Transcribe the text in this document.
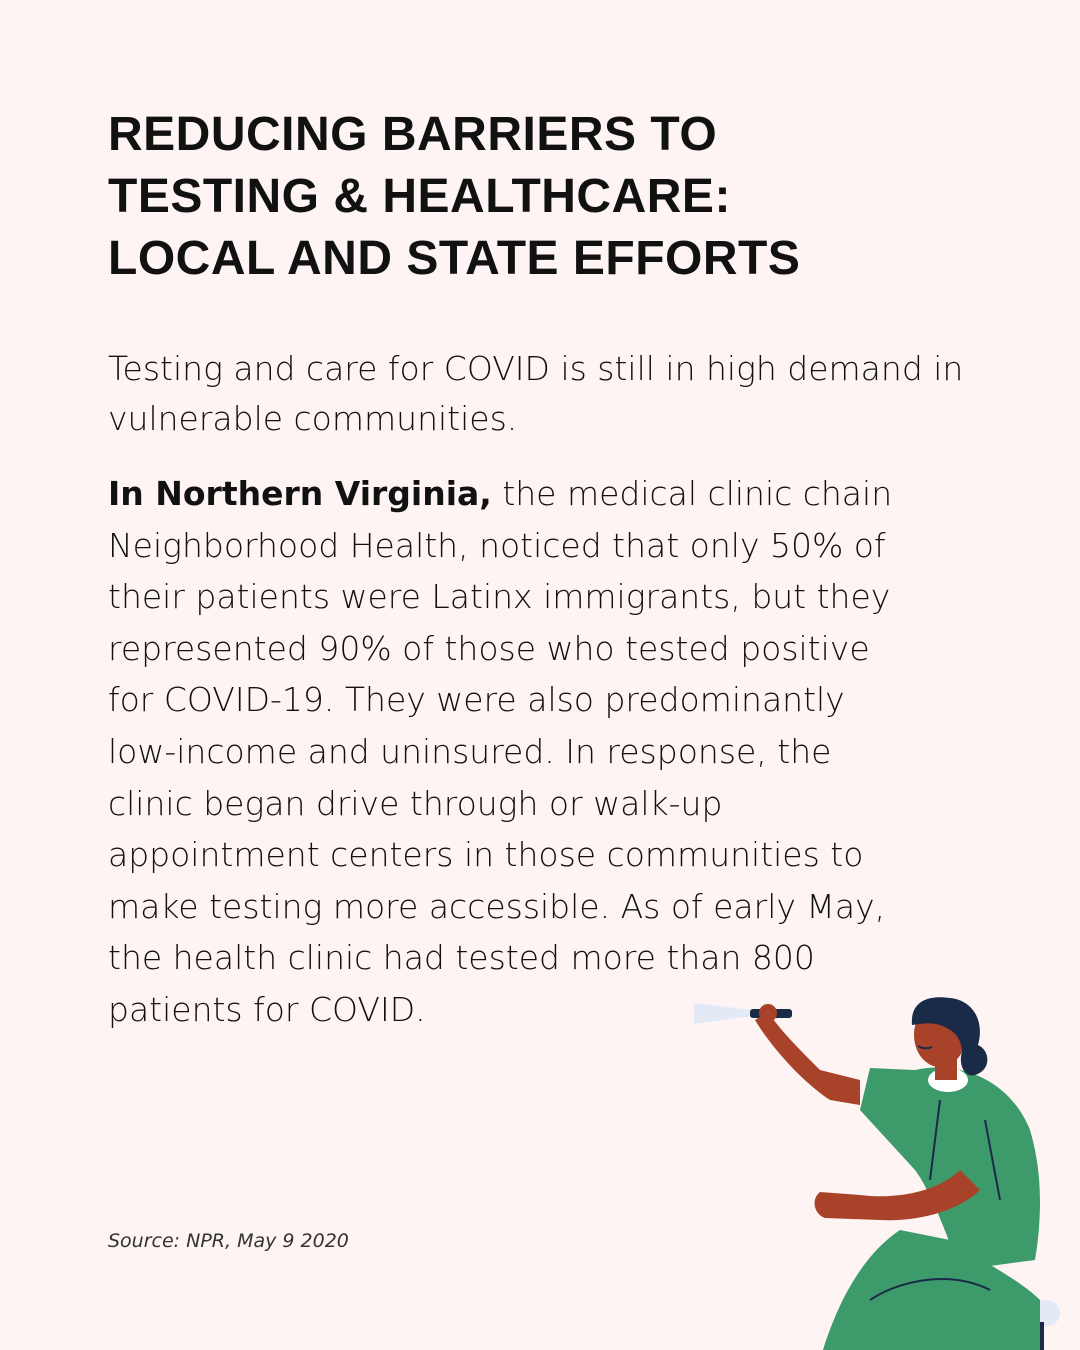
REDUCING BARRIERS TO
TESTING & HEALTHCARE:
LOCAL AND STATE EFFORTS
Testing and care for COVID is still in high demand in
vulnerable communities.
In Northern Virginia, the medical clinic chain
Neighborhood Health, noticed that only 50% of
their patients were Latinx immigrants, but they
represented 90% of those who tested positive
for COVID-19. They were also predominantly
low-income and uninsured. In response, the
clinic began drive through or walk-up
appointment centers in those communities to
make testing more accessible. As of early May,
the health clinic had tested more than 800
patients for COVID.
Source: NPR, May 9 2020
